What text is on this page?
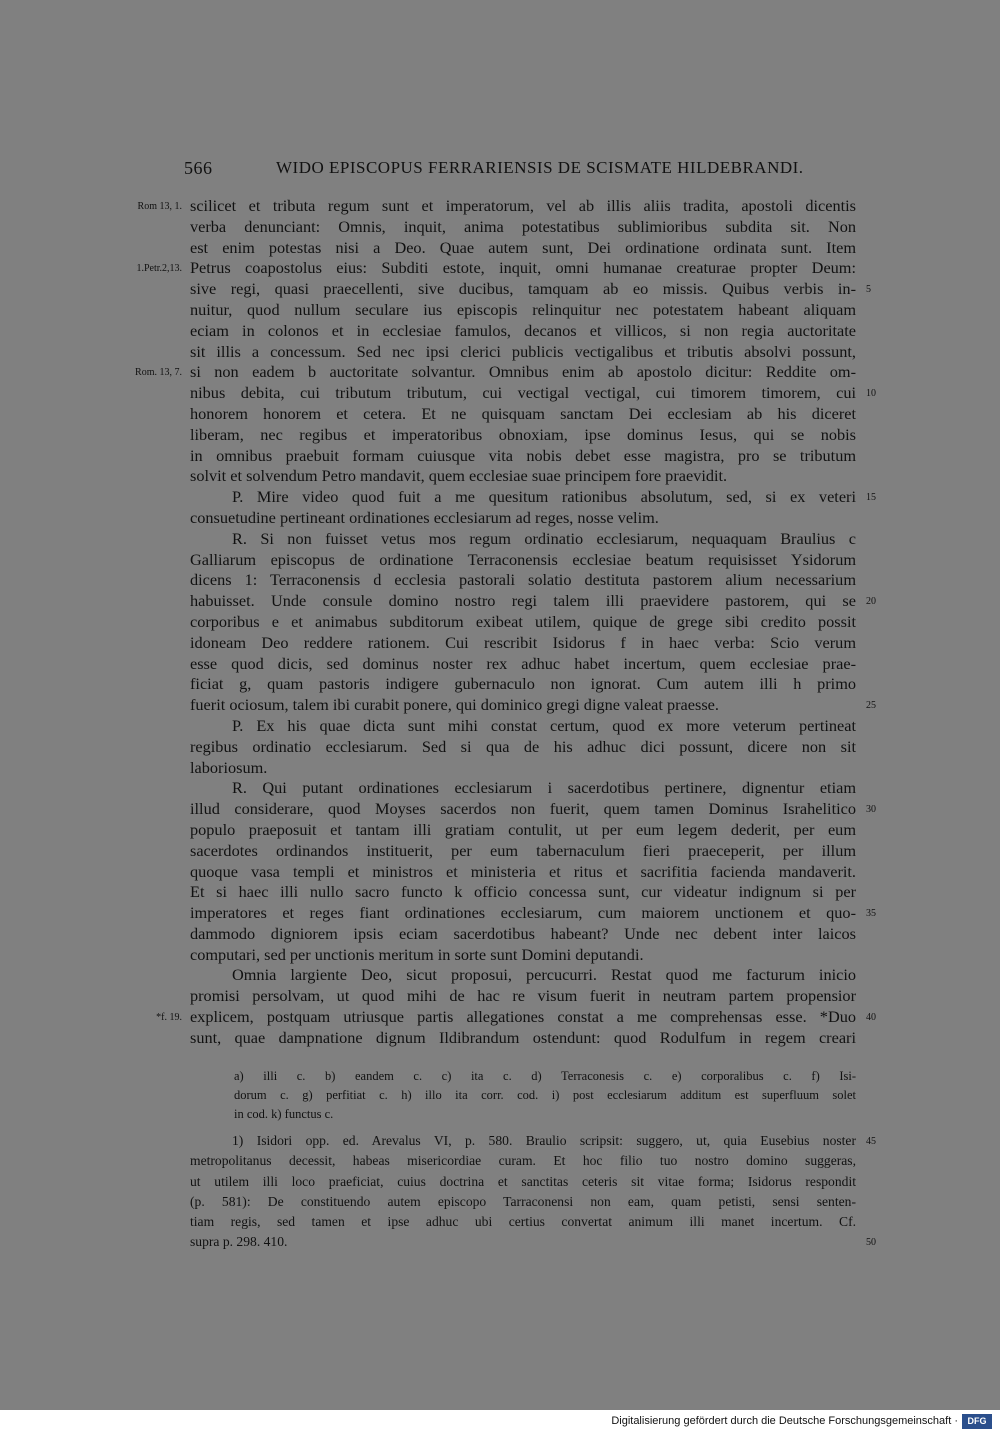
566	WIDO EPISCOPUS FERRARIENSIS DE SCISMATE HILDEBRANDI.
Rom 13, 1. scilicet et tributa regum sunt et imperatorum, vel ab illis aliis tradita, apostoli dicentis
verba denunciant: Omnis, inquit, anima potestatibus sublimioribus subdita sit. Non
est enim potestas nisi a Deo. Quae autem sunt, Dei ordinatione ordinata sunt. Item
1.Petr.2,13. Petrus coapostolus eius: Subditi estote, inquit, omni humanae creaturae propter Deum:
sive regi, quasi praecellenti, sive ducibus, tamquam ab eo missis. Quibus verbis in- 5
nuitur, quod nullum seculare ius episcopis relinquitur nec potestatem habeant aliquam
eciam in colonos et in ecclesiae famulos, decanos et villicos, si non regia auctoritate
sit illis a concessum. Sed nec ipsi clerici publicis vectigalibus et tributis absolvi possunt,
Rom. 13, 7. si non eadem b auctoritate solvantur. Omnibus enim ab apostolo dicitur: Reddite om-
nibus debita, cui tributum tributum, cui vectigal vectigal, cui timorem timorem, cui 10
honorem honorem et cetera. Et ne quisquam sanctam Dei ecclesiam ab his diceret
liberam, nec regibus et imperatoribus obnoxiam, ipse dominus Iesus, qui se nobis
in omnibus praebuit formam cuiusque vita nobis debet esse magistra, pro se tributum
solvit et solvendum Petro mandavit, quem ecclesiae suae principem fore praevidit.
P. Mire video quod fuit a me quesitum rationibus absolutum, sed, si ex veteri 15
consuetudine pertineant ordinationes ecclesiarum ad reges, nosse velim.
R. Si non fuisset vetus mos regum ordinatio ecclesiarum, nequaquam Braulius c
Galliarum episcopus de ordinatione Terraconensis ecclesiae beatum requisisset Ysidorum
dicens 1: Terraconensis d ecclesia pastorali solatio destituta pastorem alium necessarium
habuisset. Unde consule domino nostro regi talem illi praevidere pastorem, qui se 20
corporibus e et animabus subditorum exibeat utilem, quique de grege sibi credito possit
idoneam Deo reddere rationem. Cui rescribit Isidorus f in haec verba: Scio verum
esse quod dicis, sed dominus noster rex adhuc habet incertum, quem ecclesiae prae-
ficiat g, quam pastoris indigere gubernaculo non ignorat. Cum autem illi h primo
fuerit ociosum, talem ibi curabit ponere, qui dominico gregi digne valeat praesse.	25
P. Ex his quae dicta sunt mihi constat certum, quod ex more veterum pertineat
regibus ordinatio ecclesiarum. Sed si qua de his adhuc dici possunt, dicere non sit
laboriosum.
R. Qui putant ordinationes ecclesiarum i sacerdotibus pertinere, dignentur etiam
illud considerare, quod Moyses sacerdos non fuerit, quem tamen Dominus Israhelitico 30
populo praeposuit et tantam illi gratiam contulit, ut per eum legem dederit, per eum
sacerdotes ordinandos instituerit, per eum tabernaculum fieri praeceperit, per illum
quoque vasa templi et ministros et ministeria et ritus et sacrifitia facienda mandaverit.
Et si haec illi nullo sacro functo k officio concessa sunt, cur videatur indignum si per
imperatores et reges fiant ordinationes ecclesiarum, cum maiorem unctionem et quo- 35
dammodo digniorem ipsis eciam sacerdotibus habeant? Unde nec debent inter laicos
computari, sed per unctionis meritum in sorte sunt Domini deputandi.
Omnia largiente Deo, sicut proposui, percucurri. Restat quod me facturum inicio
promisi persolvam, ut quod mihi de hac re visum fuerit in neutram partem propensior
*f. 19. explicem, postquam utriusque partis allegationes constat a me comprehensas esse. *Duo 40
sunt, quae dampnatione dignum Ildibrandum ostendunt: quod Rodulfum in regem creari
a) illi c. b) eandem c. c) ita c. d) Terraconesis c. e) corporalibus c. f) Isi-
dorum c. g) perfitiat c. h) illo ita corr. cod. i) post ecclesiarum additum est superfluum solet
in cod. k) functus c.
1) Isidori opp. ed. Arevalus VI, p. 580. Braulio scripsit: suggero, ut, quia Eusebius noster 45
metropolitanus decessit, habeas misericordiae curam. Et hoc filio tuo nostro domino suggeras,
ut utilem illi loco praeficiat, cuius doctrina et sanctitas ceteris sit vitae forma; Isidorus respondit
(p. 581): De constituendo autem episcopo Tarraconensi non eam, quam petisti, sensi senten-
tiam regis, sed tamen et ipse adhuc ubi certius convertat animum illi manet incertum. Cf.
supra p. 298. 410.	50
Digitalisierung gefördert durch die Deutsche Forschungsgemeinschaft ·	DFG
